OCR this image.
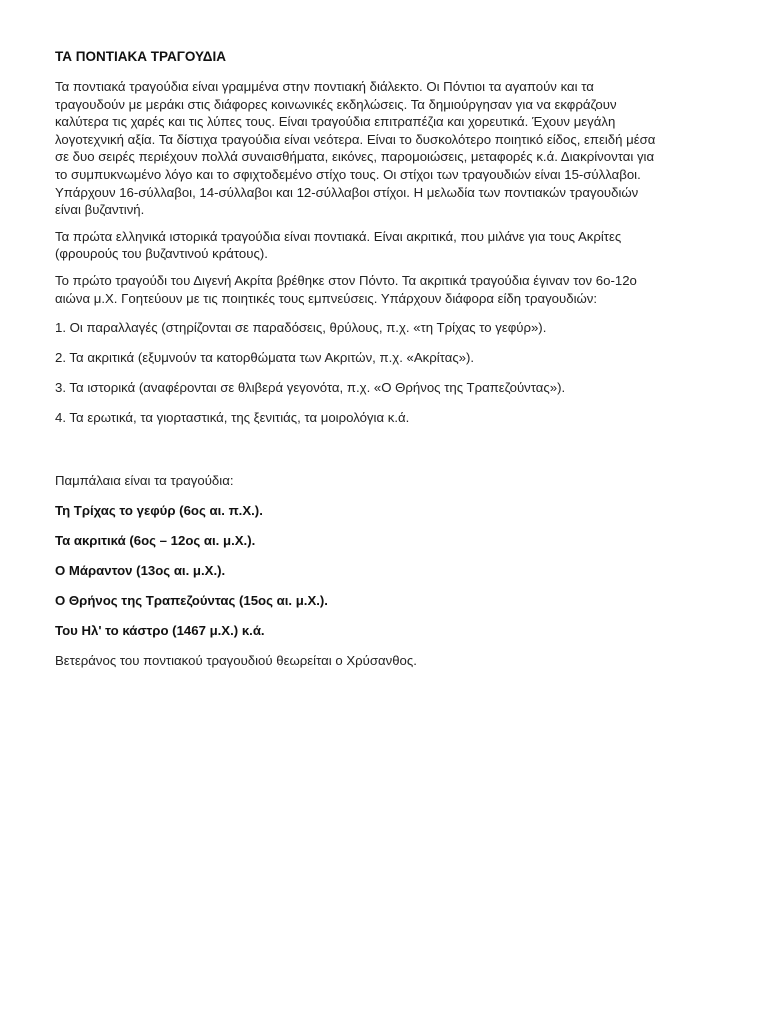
ΤΑ ΠΟΝΤΙΑΚΑ ΤΡΑΓΟΥΔΙΑ
Τα ποντιακά τραγούδια είναι γραμμένα στην ποντιακή διάλεκτο. Οι Πόντιοι τα αγαπούν και τα
τραγουδούν με μεράκι στις διάφορες κοινωνικές εκδηλώσεις. Τα δημιούργησαν για να εκφράζουν
καλύτερα τις χαρές και τις λύπες τους. Είναι τραγούδια επιτραπέζια και χορευτικά. Έχουν μεγάλη
λογοτεχνική αξία. Τα δίστιχα τραγούδια είναι νεότερα. Είναι το δυσκολότερο ποιητικό είδος, επειδή μέσα
σε δυο σειρές περιέχουν πολλά συναισθήματα, εικόνες, παρομοιώσεις, μεταφορές κ.ά. Διακρίνονται για
το συμπυκνωμένο λόγο και το σφιχτοδεμένο στίχο τους. Οι στίχοι των τραγουδιών είναι 15-σύλλαβοι.
Υπάρχουν 16-σύλλαβοι, 14-σύλλαβοι και 12-σύλλαβοι στίχοι. Η μελωδία των ποντιακών τραγουδιών
είναι βυζαντινή.
Τα πρώτα ελληνικά ιστορικά τραγούδια είναι ποντιακά. Είναι ακριτικά, που μιλάνε για τους Ακρίτες
(φρουρούς του βυζαντινού κράτους).
Το πρώτο τραγούδι του Διγενή Ακρίτα βρέθηκε στον Πόντο. Τα ακριτικά τραγούδια έγιναν τον 6ο-12ο
αιώνα μ.Χ. Γοητεύουν με τις ποιητικές τους εμπνεύσεις. Υπάρχουν διάφορα είδη τραγουδιών:
1. Οι παραλλαγές (στηρίζονται σε παραδόσεις, θρύλους, π.χ. «τη Τρίχας το γεφύρ»).
2. Τα ακριτικά (εξυμνούν τα κατορθώματα των Ακριτών, π.χ. «Ακρίτας»).
3. Τα ιστορικά (αναφέρονται σε θλιβερά γεγονότα, π.χ. «Ο Θρήνος της Τραπεζούντας»).
4. Τα ερωτικά, τα γιορταστικά, της ξενιτιάς, τα μοιρολόγια κ.ά.
Παμπάλαια είναι τα τραγούδια:
Τη Τρίχας το γεφύρ (6ος αι. π.Χ.).
Τα ακριτικά (6ος – 12ος αι. μ.Χ.).
Ο Μάραντον (13ος αι. μ.Χ.).
Ο Θρήνος της Τραπεζούντας (15ος αι. μ.Χ.).
Του Ηλ' το κάστρο (1467 μ.Χ.) κ.ά.
Βετεράνος του ποντιακού τραγουδιού θεωρείται ο Χρύσανθος.
